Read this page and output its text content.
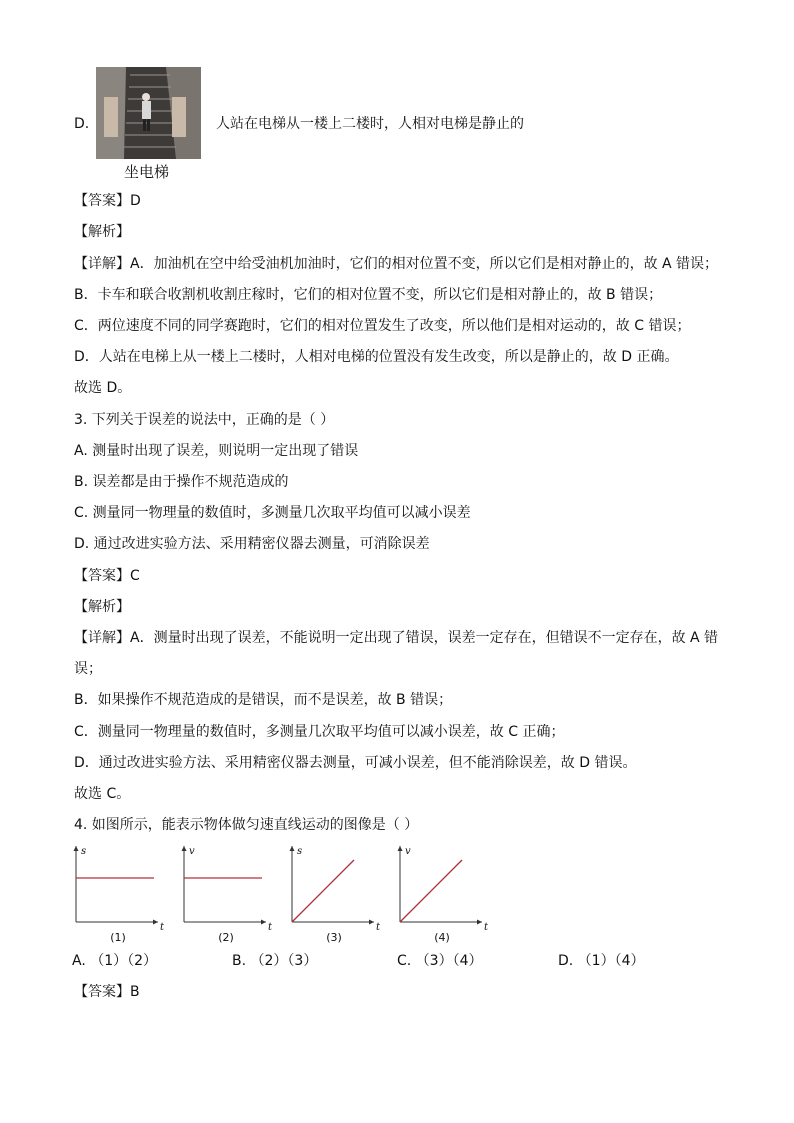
D.	人站在电梯从一楼上二楼时，人相对电梯是静止的
坐电梯
【答案】D
【解析】
【详解】A．加油机在空中给受油机加油时，它们的相对位置不变，所以它们是相对静止的，故 A 错误；
B．卡车和联合收割机收割庄稼时，它们的相对位置不变，所以它们是相对静止的，故 B 错误；
C．两位速度不同的同学赛跑时，它们的相对位置发生了改变，所以他们是相对运动的，故 C 错误；
D．人站在电梯上从一楼上二楼时，人相对电梯的位置没有发生改变，所以是静止的，故 D 正确。
故选 D。
3. 下列关于误差的说法中，正确的是（ ）
A. 测量时出现了误差，则说明一定出现了错误
B. 误差都是由于操作不规范造成的
C. 测量同一物理量的数值时，多测量几次取平均值可以减小误差
D. 通过改进实验方法、采用精密仪器去测量，可消除误差
【答案】C
【解析】
【详解】A．测量时出现了误差，不能说明一定出现了错误，误差一定存在，但错误不一定存在，故 A 错
误；
B．如果操作不规范造成的是错误，而不是误差，故 B 错误；
C．测量同一物理量的数值时，多测量几次取平均值可以减小误差，故 C 正确；
D．通过改进实验方法、采用精密仪器去测量，可减小误差，但不能消除误差，故 D 错误。
故选 C。
4. 如图所示，能表示物体做匀速直线运动的图像是（ ）
s
t
(1)
v
t
(2)
s
t
(3)
v
t
(4)
A. （1）（2）	B. （2）（3）	C. （3）（4）	D. （1）（4）
【答案】B
